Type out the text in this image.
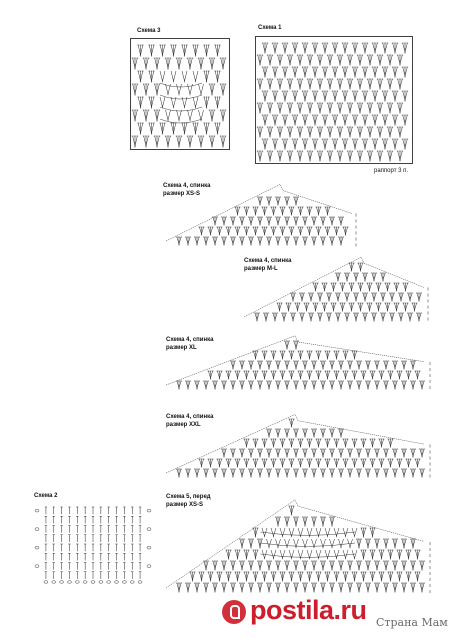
Схема 3	Схема 1
раппорт 3 п.
Схема 4, спинка
размер XS-S
Схема 4, спинка
размер M-L
Схема 4, спинка
размер XL
Схема 4, спинка
размер XXL
Схема 2	Схема 5, перед
размер XS-S
postila.ru Страна Мам
